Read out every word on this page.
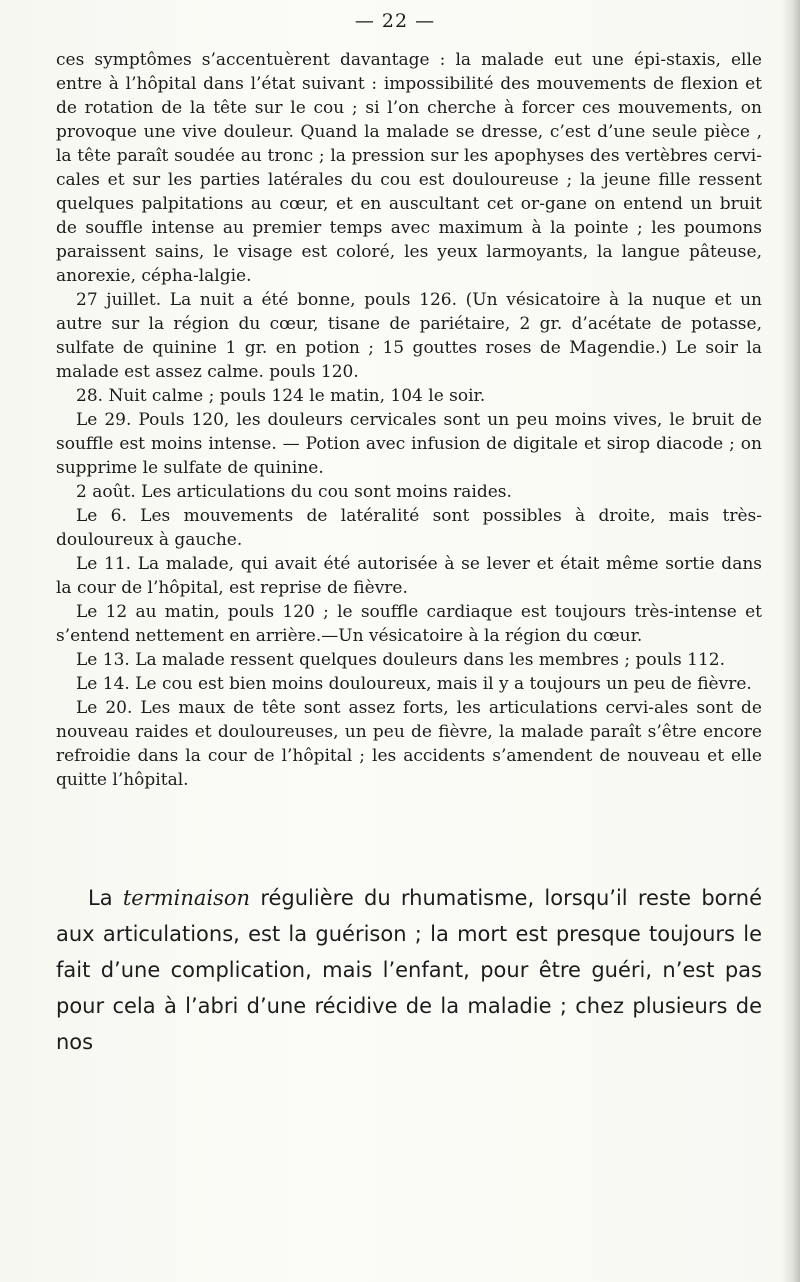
— 22 —

ces symptômes s’accentuèrent davantage : la malade eut une épi-staxis, elle entre à l’hôpital dans l’état suivant : impossibilité des mouvements de flexion et de rotation de la tête sur le cou ; si l’on cherche à forcer ces mouvements, on provoque une vive douleur. Quand la malade se dresse, c’est d’une seule pièce , la tête paraît soudée au tronc ; la pression sur les apophyses des vertèbres cervi-cales et sur les parties latérales du cou est douloureuse ; la jeune fille ressent quelques palpitations au cœur, et en auscultant cet or-gane on entend un bruit de souffle intense au premier temps avec maximum à la pointe ; les poumons paraissent sains, le visage est coloré, les yeux larmoyants, la langue pâteuse, anorexie, cépha-lalgie.

27 juillet. La nuit a été bonne, pouls 126. (Un vésicatoire à la nuque et un autre sur la région du cœur, tisane de pariétaire, 2 gr. d’acétate de potasse, sulfate de quinine 1 gr. en potion ; 15 gouttes roses de Magendie.) Le soir la malade est assez calme. pouls 120.

28. Nuit calme ; pouls 124 le matin, 104 le soir.

Le 29. Pouls 120, les douleurs cervicales sont un peu moins vives, le bruit de souffle est moins intense. — Potion avec infusion de digitale et sirop diacode ; on supprime le sulfate de quinine.

2 août. Les articulations du cou sont moins raides.

Le 6. Les mouvements de latéralité sont possibles à droite, mais très-douloureux à gauche.

Le 11. La malade, qui avait été autorisée à se lever et était même sortie dans la cour de l’hôpital, est reprise de fièvre.

Le 12 au matin, pouls 120 ; le souffle cardiaque est toujours très-intense et s’entend nettement en arrière.—Un vésicatoire à la région du cœur.

Le 13. La malade ressent quelques douleurs dans les membres ; pouls 112.

Le 14. Le cou est bien moins douloureux, mais il y a toujours un peu de fièvre.

Le 20. Les maux de tête sont assez forts, les articulations cervi-ales sont de nouveau raides et douloureuses, un peu de fièvre, la malade paraît s’être encore refroidie dans la cour de l’hôpital ; les accidents s’amendent de nouveau et elle quitte l’hôpital.

La terminaison régulière du rhumatisme, lorsqu’il reste borné aux articulations, est la guérison ; la mort est presque toujours le fait d’une complication, mais l’enfant, pour être guéri, n’est pas pour cela à l’abri d’une récidive de la maladie ; chez plusieurs de nos
